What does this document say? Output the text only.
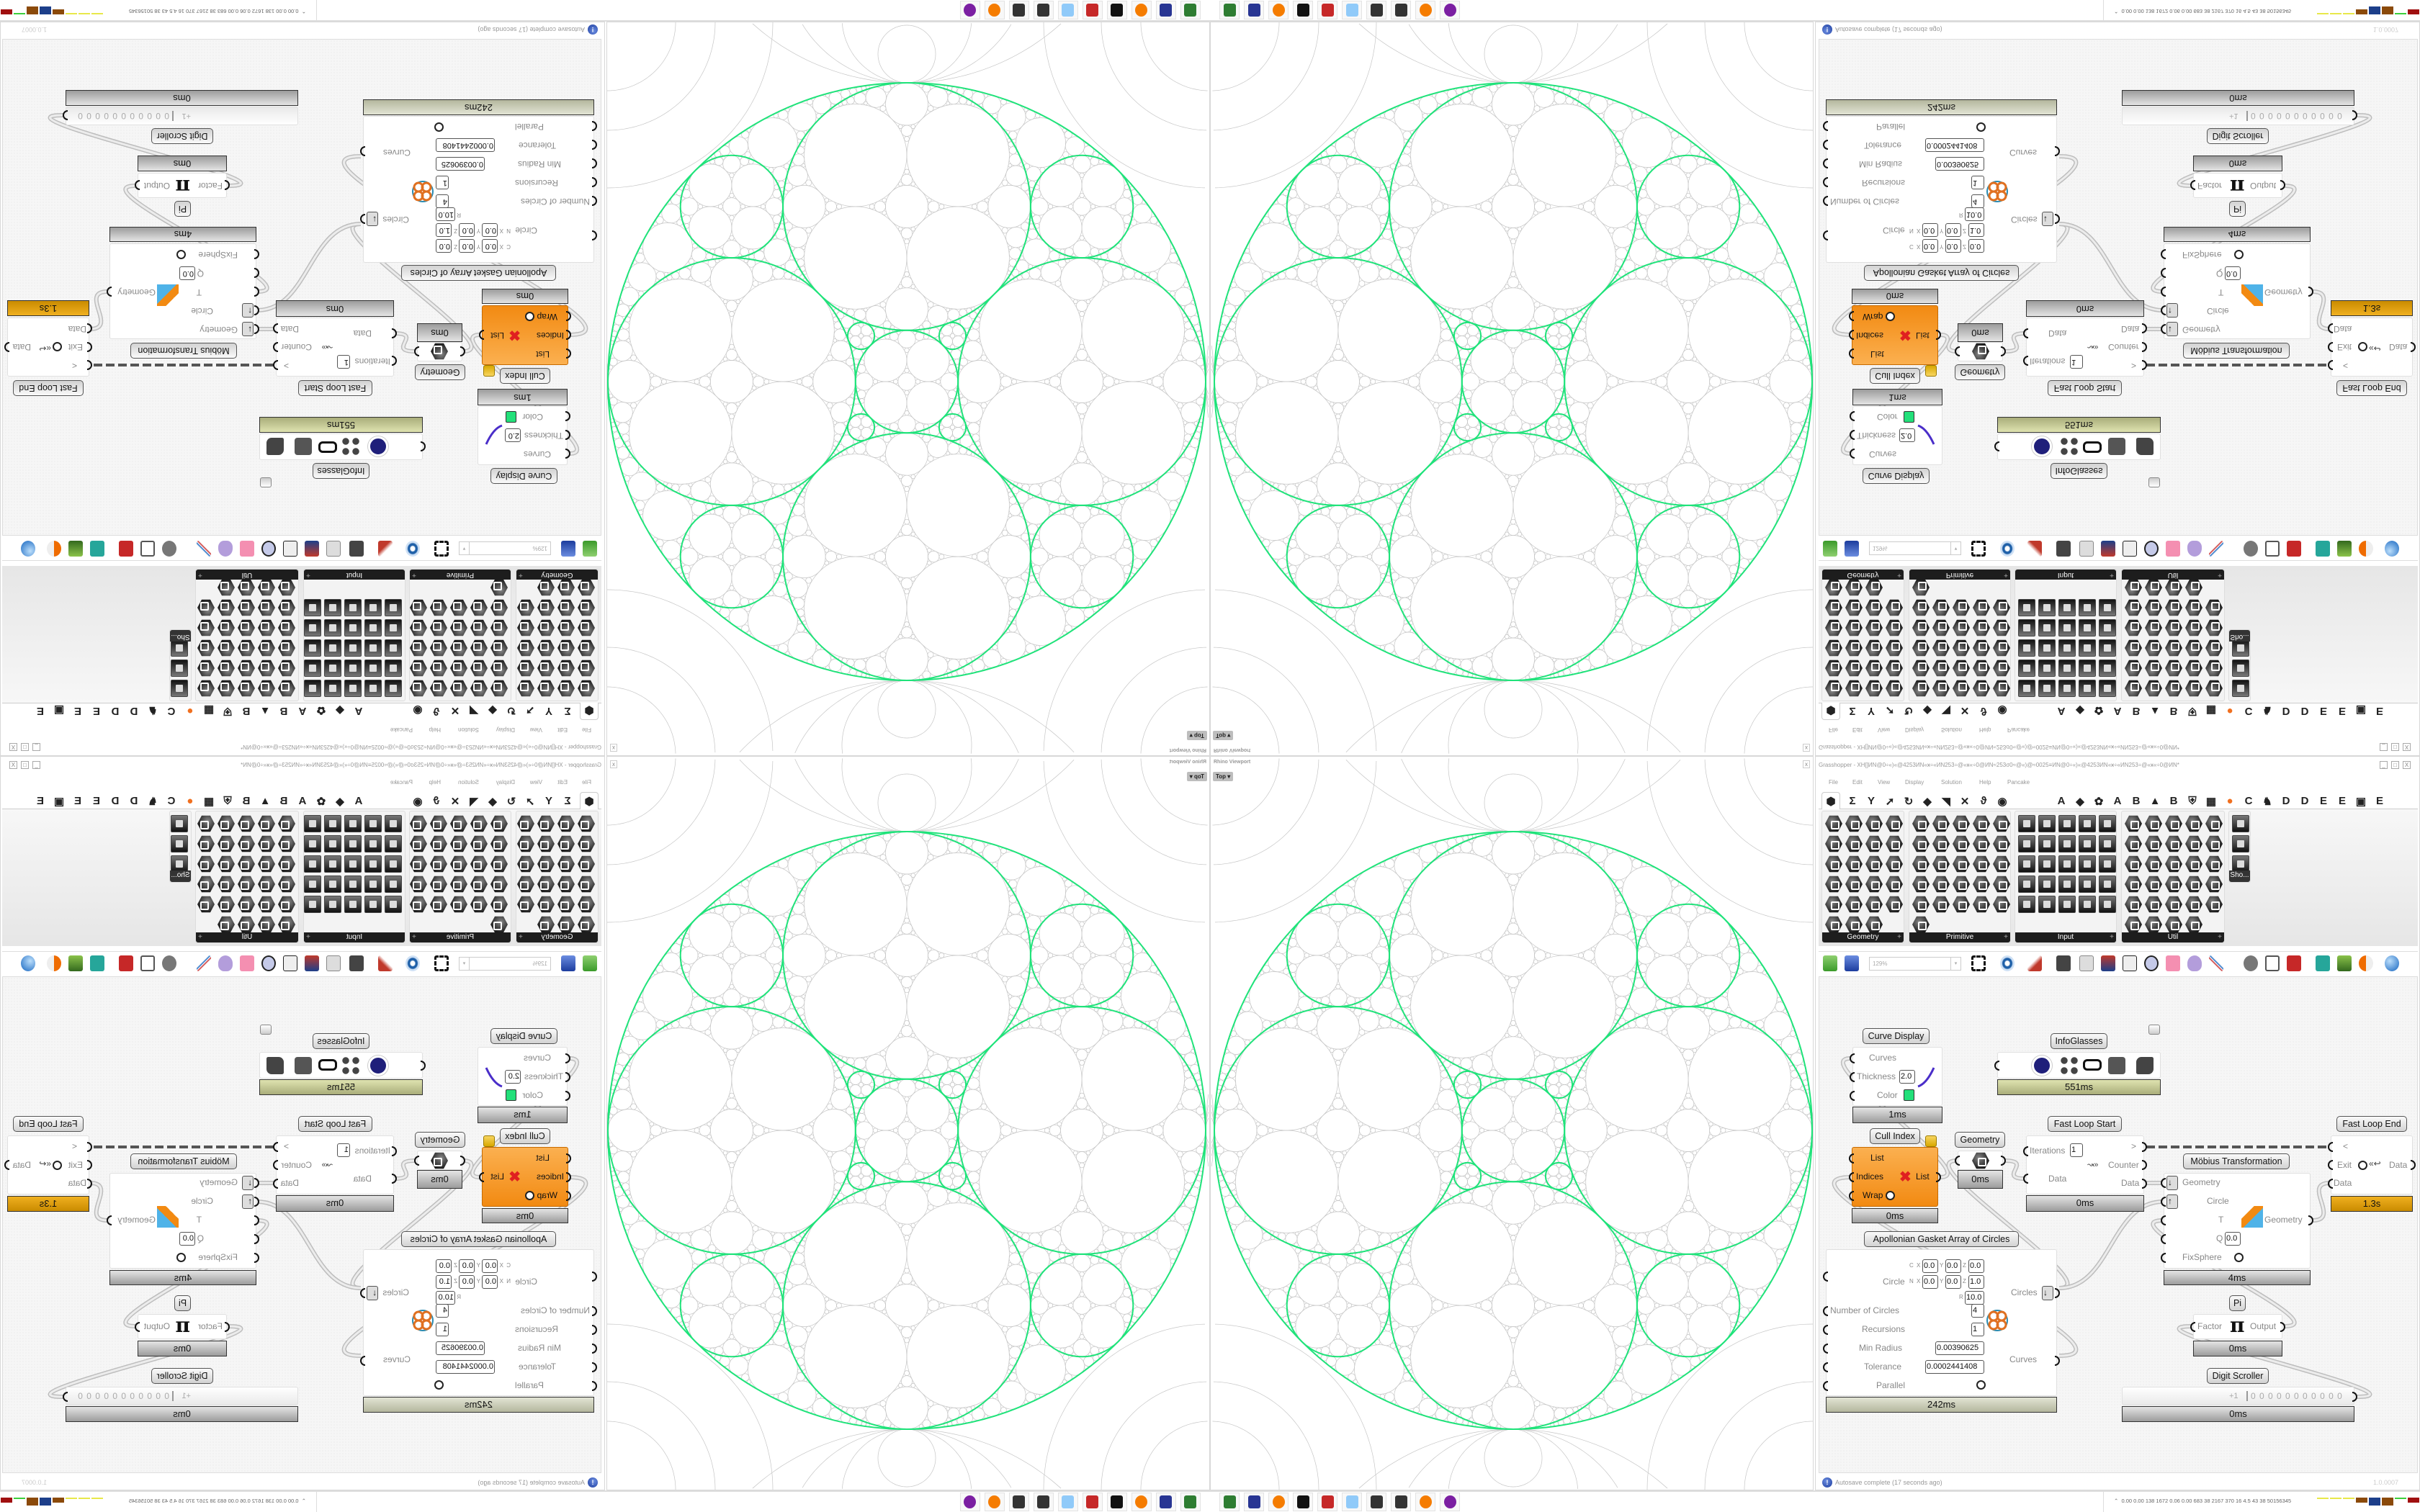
Rhino Viewport	x
Top ▾
Grasshopper - XH[]ИN@0÷«)«@4253ИN«ӿ÷«ИN253÷@«ӿ«÷0@ИN≈253σ0≈@«)@≈0025≡ИN@0÷«)«@4253ИN«ӿ÷«ИN253÷@«ӿ«÷0@ИN*	_	□	X
File	Edit	View	Display	Solution	Help	Pancake
⬢	Σ	Y ➚ ↻ ◆ ◥ ✕	ϑ	◉	A ◆ ✿ A	B ▲ B ⛨ ▦ ●	C ♞ D	D	E	E ▣ E
Geometry	+	Primitive	+	Input	+	Util	+
Sho...
129%	▾
Curve Display
Curves
Thickness 2.0
Color
1ms
InfoGlasses
551ms
Cull Index
List
Indices
Wrap
✖ List
0ms
Geometry
0ms
Fast Loop Start
Iterations 1
Data
>
↝» Counter
Data
0ms
Möbius Transformation
↓	Geometry
↑	Circle
T
Q 0.0
FixSphere
Geometry
4ms
Fast Loop End
<
Exit «↩
Data
Data
1.3s
Apollonian Gasket Array of Circles
C X 0.0 Y 0.0 Z 0.0
Circle N X 0.0 Y 0.0 Z 1.0
R 10.0	Circles ↓
Number of Circles	4
Recursions	1
Min Radius	0.00390625
Tolerance	0.0002441408
Curves
Parallel
242ms
Pi
Factor π Output
0ms
Digit Scroller
+1	0 0 0 0 0 0 0 0 0 0 0
0ms
!	Autosave complete (17 seconds ago)	1.0.0007
⌃ 0.00 0.00 138 1672 0.06 0.00 683 38 2167 370 16 4.5 43 38 50156345
Rhino Viewport
x
Top ▾
Grasshopper - XH[]ИN@0÷«)«@4253ИN«ӿ÷«ИN253÷@«ӿ«÷0@ИN≈253σ0≈@«)@≈0025≡ИN@0÷«)«@4253ИN«ӿ÷«ИN253÷@«ӿ«÷0@ИN*
_
□
X
File
Edit
View
Display
Solution
Help
Pancake
⬢
Σ
Y
➚
↻
◆
◥
✕
ϑ
◉
A
◆
✿
A
B
▲
B
⛨
▦
●
C
♞
D
D
E
E
▣
E
Geometry
+
Primitive
+
Input
+
Util
+
Sho...
129%
▾
Curve Display
Curves
Thickness
2.0
Color
1ms
InfoGlasses
551ms
Cull Index
List
Indices
Wrap
✖
List
0ms
Geometry
0ms
Fast Loop Start
Iterations
1
Data
>
↝»
Counter
Data
0ms
Möbius Transformation
↓
Geometry
↑
Circle
T
Q
0.0
FixSphere
Geometry
4ms
Fast Loop End
<
Exit
«↩
Data
Data
1.3s
Apollonian Gasket Array of Circles
C
X
0.0
Y
0.0
Z
0.0
Circle
N
X
0.0
Y
0.0
Z
1.0
R
10.0
Circles
↓
Number of Circles
4
Recursions
1
Min Radius
0.00390625
Tolerance
0.0002441408
Curves
Parallel
242ms
Pi
Factor
π
Output
0ms
Digit Scroller
+1
0 0 0 0 0 0 0 0 0 0 0
0ms
!
Autosave complete (17 seconds ago)
1.0.0007
⌃  0.00 0.00 138 1672 0.06 0.00 683 38 2167 370 16 4.5 43 38 50156345
Rhino Viewport	x
Top ▾
Grasshopper - XH[]ИN@0÷«)«@4253ИN«ӿ÷«ИN253÷@«ӿ«÷0@ИN≈253σ0≈@«)@≈0025≡ИN@0÷«)«@4253ИN«ӿ÷«ИN253÷@«ӿ«÷0@ИN*	_	□	X
File	Edit	View	Display	Solution	Help	Pancake
⬢	Σ	Y ➚ ↻ ◆ ◥ ✕	ϑ	◉	A ◆ ✿ A	B ▲ B ⛨ ▦ ●	C ♞ D	D	E	E ▣ E
Geometry	+	Primitive	+	Input	+	Util	+
Sho...
129%	▾
Curve Display
Curves
Thickness 2.0
Color
1ms
InfoGlasses
551ms
Cull Index
List
Indices
Wrap
✖ List
0ms
Geometry
0ms
Fast Loop Start
Iterations 1
Data
>
↝» Counter
Data
0ms
Möbius Transformation
↓	Geometry
↑	Circle
T
Q 0.0
FixSphere
Geometry
4ms
Fast Loop End
<
Exit «↩
Data
Data
1.3s
Apollonian Gasket Array of Circles
C X 0.0 Y 0.0 Z 0.0
Circle N X 0.0 Y 0.0 Z 1.0
R 10.0	Circles ↓
Number of Circles	4
Recursions	1
Min Radius	0.00390625
Tolerance	0.0002441408
Curves
Parallel
242ms
Pi
Factor π Output
0ms
Digit Scroller
+1	0 0 0 0 0 0 0 0 0 0 0
0ms
!	Autosave complete (17 seconds ago)	1.0.0007
⌃ 0.00 0.00 138 1672 0.06 0.00 683 38 2167 370 16 4.5 43 38 50156345
Rhino Viewport
x
Top ▾
Grasshopper - XH[]ИN@0÷«)«@4253ИN«ӿ÷«ИN253÷@«ӿ«÷0@ИN≈253σ0≈@«)@≈0025≡ИN@0÷«)«@4253ИN«ӿ÷«ИN253÷@«ӿ«÷0@ИN*
_
□
X
File
Edit
View
Display
Solution
Help
Pancake
⬢
Σ
Y
➚
↻
◆
◥
✕
ϑ
◉
A
◆
✿
A
B
▲
B
⛨
▦
●
C
♞
D
D
E
E
▣
E
Geometry
+
Primitive
+
Input
+
Util
+
Sho...
129%
▾
Curve Display
Curves
Thickness
2.0
Color
1ms
InfoGlasses
551ms
Cull Index
List
Indices
Wrap
✖
List
0ms
Geometry
0ms
Fast Loop Start
Iterations
1
Data
>
↝»
Counter
Data
0ms
Möbius Transformation
↓
Geometry
↑
Circle
T
Q
0.0
FixSphere
Geometry
4ms
Fast Loop End
<
Exit
«↩
Data
Data
1.3s
Apollonian Gasket Array of Circles
C
X
0.0
Y
0.0
Z
0.0
Circle
N
X
0.0
Y
0.0
Z
1.0
R
10.0
Circles
↓
Number of Circles
4
Recursions
1
Min Radius
0.00390625
Tolerance
0.0002441408
Curves
Parallel
242ms
Pi
Factor
π
Output
0ms
Digit Scroller
+1
0 0 0 0 0 0 0 0 0 0 0
0ms
!
Autosave complete (17 seconds ago)
1.0.0007
⌃  0.00 0.00 138 1672 0.06 0.00 683 38 2167 370 16 4.5 43 38 50156345
